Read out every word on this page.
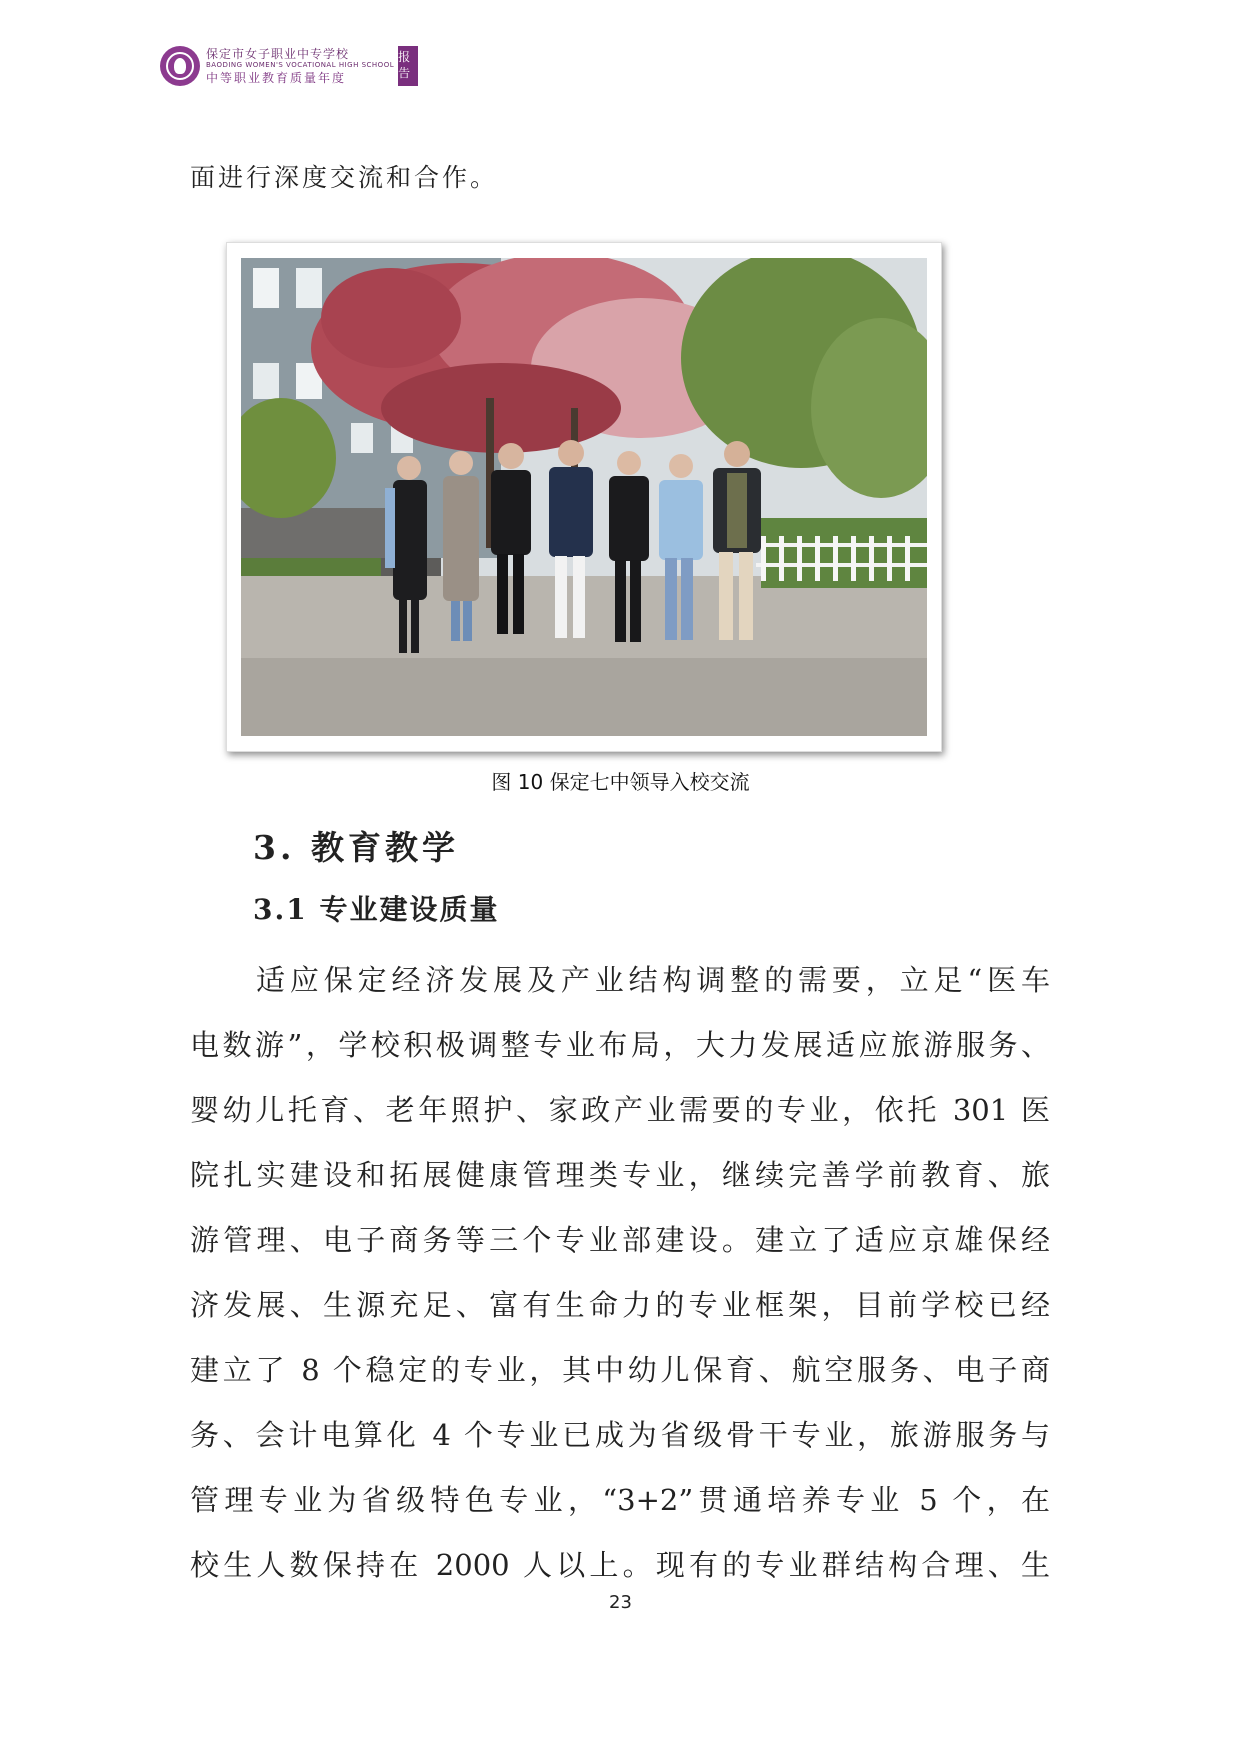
保定市女子职业中专学校
BAODING WOMEN'S VOCATIONAL HIGH SCHOOL
中等职业教育质量年度
报告
面进行深度交流和合作。
图 10 保定七中领导入校交流
3. 教育教学
3.1 专业建设质量
适应保定经济发展及产业结构调整的需要，立足“医车
电数游”，学校积极调整专业布局，大力发展适应旅游服务、
婴幼儿托育、老年照护、家政产业需要的专业，依托 301 医
院扎实建设和拓展健康管理类专业，继续完善学前教育、旅
游管理、电子商务等三个专业部建设。建立了适应京雄保经
济发展、生源充足、富有生命力的专业框架，目前学校已经
建立了 8 个稳定的专业，其中幼儿保育、航空服务、电子商
务、会计电算化 4 个专业已成为省级骨干专业，旅游服务与
管理专业为省级特色专业，“3+2”贯通培养专业 5 个，在
校生人数保持在 2000 人以上。现有的专业群结构合理、生
23
